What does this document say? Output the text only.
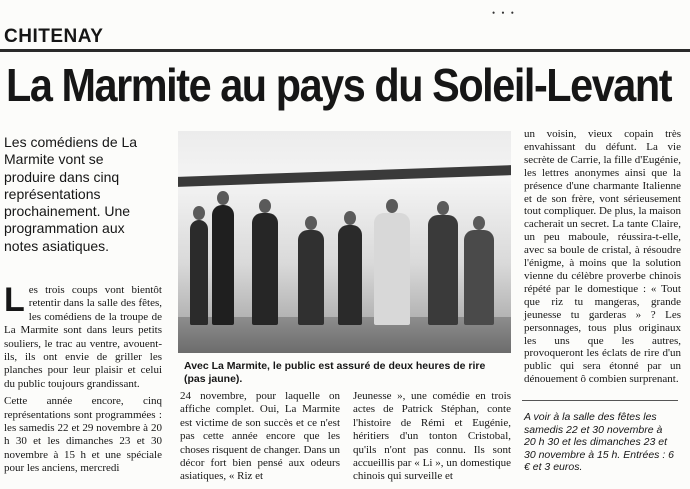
• • •
CHITENAY
La Marmite au pays du Soleil-Levant

Les comédiens de La Marmite vont se produire dans cinq représentations prochainement. Une programmation aux notes asiatiques.

L es trois coups vont bientôt retentir dans la salle des fêtes, les comédiens de la troupe de La Marmite sont dans leurs petits souliers, le trac au ventre, avouent-ils, ils ont envie de griller les planches pour leur plaisir et celui du public toujours grandissant.

Cette année encore, cinq représentations sont programmées : les samedis 22 et 29 novembre à 20 h 30 et les dimanches 23 et 30 novembre à 15 h et une spéciale pour les anciens, mercredi

Avec La Marmite, le public est assuré de deux heures de rire (pas jaune).

24 novembre, pour laquelle on affiche complet. Oui, La Marmite est victime de son succès et ce n'est pas cette année encore que les choses risquent de changer. Dans un décor fort bien pensé aux odeurs asiatiques, « Riz et

Jeunesse », une comédie en trois actes de Patrick Stéphan, conte l'histoire de Rémi et Eugénie, héritiers d'un tonton Cristobal, qu'ils n'ont pas connu. Ils sont accueillis par « Li », un domestique chinois qui surveille et

un voisin, vieux copain très envahissant du défunt. La vie secrète de Carrie, la fille d'Eugénie, les lettres anonymes ainsi que la présence d'une charmante Italienne et de son frère, vont sérieusement tout compliquer. De plus, la maison cacherait un secret. La tante Claire, un peu maboule, réussira-t-elle, avec sa boule de cristal, à résoudre l'énigme, à moins que la solution vienne du célèbre proverbe chinois répété par le domestique : « Tout que riz tu mangeras, grande jeunesse tu garderas » ? Les personnages, tous plus originaux les uns que les autres, provoqueront les éclats de rire d'un public qui sera étonné par un dénouement ô combien surprenant.

A voir à la salle des fêtes les samedis 22 et 30 novembre à 20 h 30 et les dimanches 23 et 30 novembre à 15 h. Entrées : 6 € et 3 euros.
